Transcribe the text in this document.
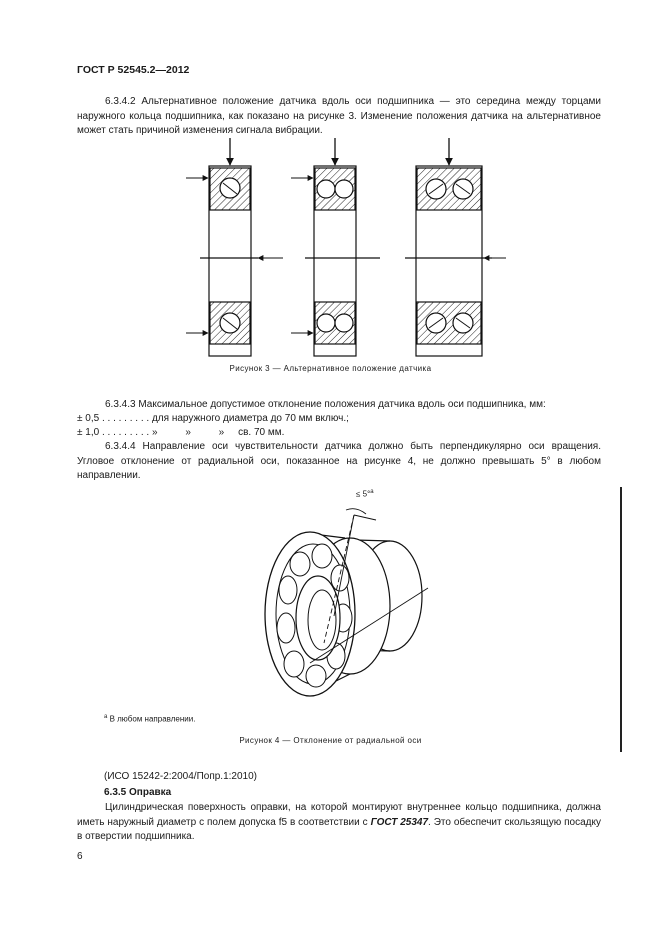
ГОСТ Р 52545.2—2012
6.3.4.2 Альтернативное положение датчика вдоль оси подшипника — это середина между торцами наружного кольца подшипника, как показано на рисунке 3. Изменение положения датчика на альтернативное может стать причиной изменения сигнала вибрации.
Рисунок 3 — Альтернативное положение датчика
6.3.4.3 Максимальное допустимое отклонение положения датчика вдоль оси подшипника, мм:
± 0,5 . . . . . . . . . для наружного диаметра до 70 мм включ.;
± 1,0 . . . . . . . . . »          »          »     св. 70 мм.
6.3.4.4 Направление оси чувствительности датчика должно быть перпендикулярно оси вращения. Угловое отклонение от радиальной оси, показанное на рисунке 4, не должно превышать 5° в любом направлении.
≤ 5°$^a$
$^a$ В любом направлении.
Рисунок 4 — Отклонение от радиальной оси
(ИСО 15242-2:2004/Попр.1:2010)
6.3.5 Оправка
Цилиндрическая поверхность оправки, на которой монтируют внутреннее кольцо подшипника, должна иметь наружный диаметр с полем допуска f5 в соответствии с ГОСТ 25347. Это обеспечит скользящую посадку в отверстии подшипника.
6
